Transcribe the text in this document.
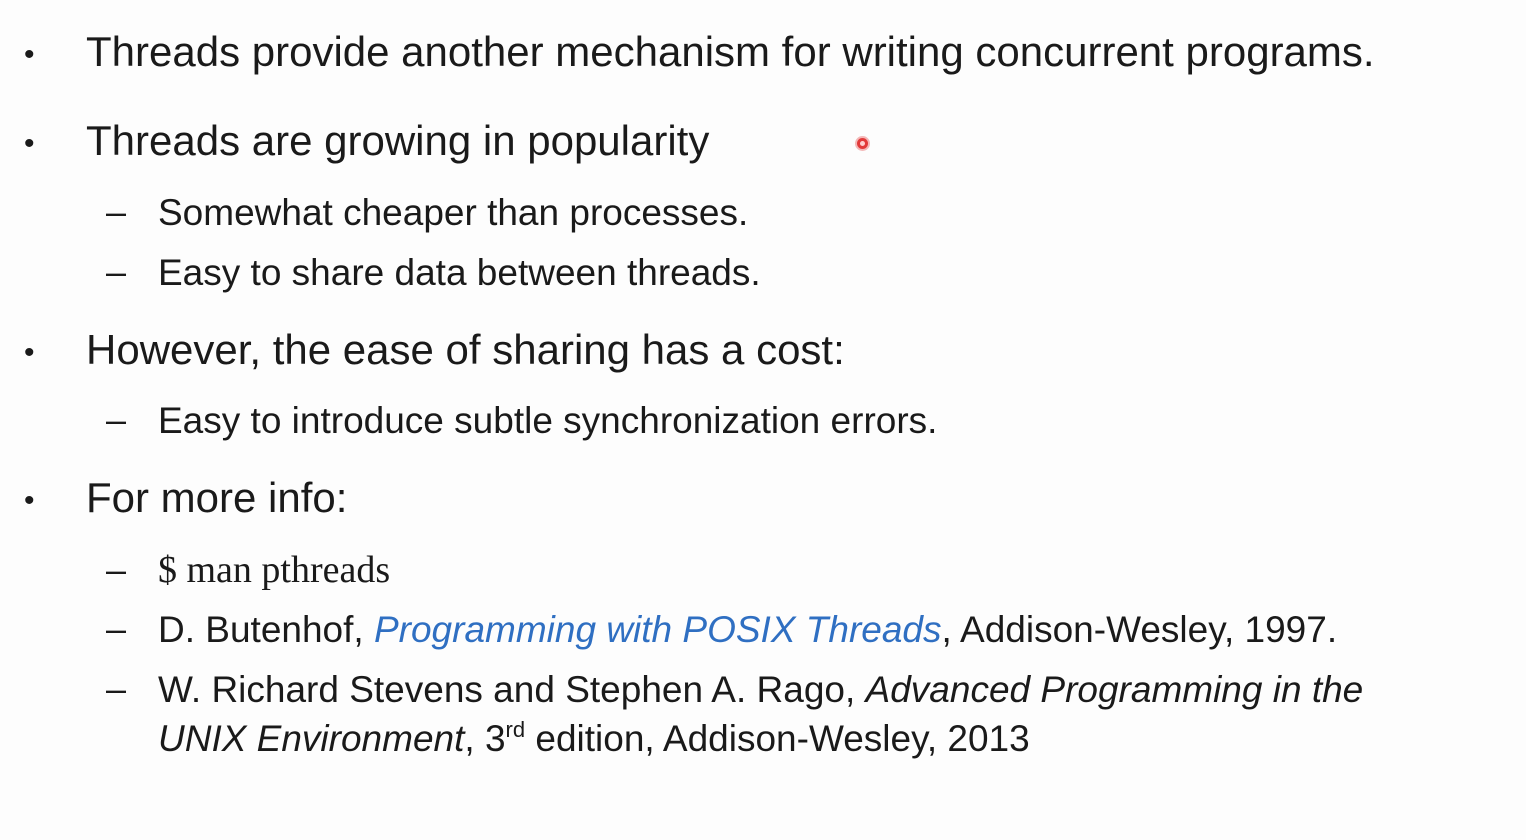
• Threads provide another mechanism for writing concurrent programs.
• Threads are growing in popularity
– Somewhat cheaper than processes.
– Easy to share data between threads.
• However, the ease of sharing has a cost:
– Easy to introduce subtle synchronization errors.
• For more info:
– $ man pthreads
– D. Butenhof, Programming with POSIX Threads, Addison-Wesley, 1997.
– W. Richard Stevens and Stephen A. Rago, Advanced Programming in the
UNIX Environment, 3rd edition, Addison-Wesley, 2013
